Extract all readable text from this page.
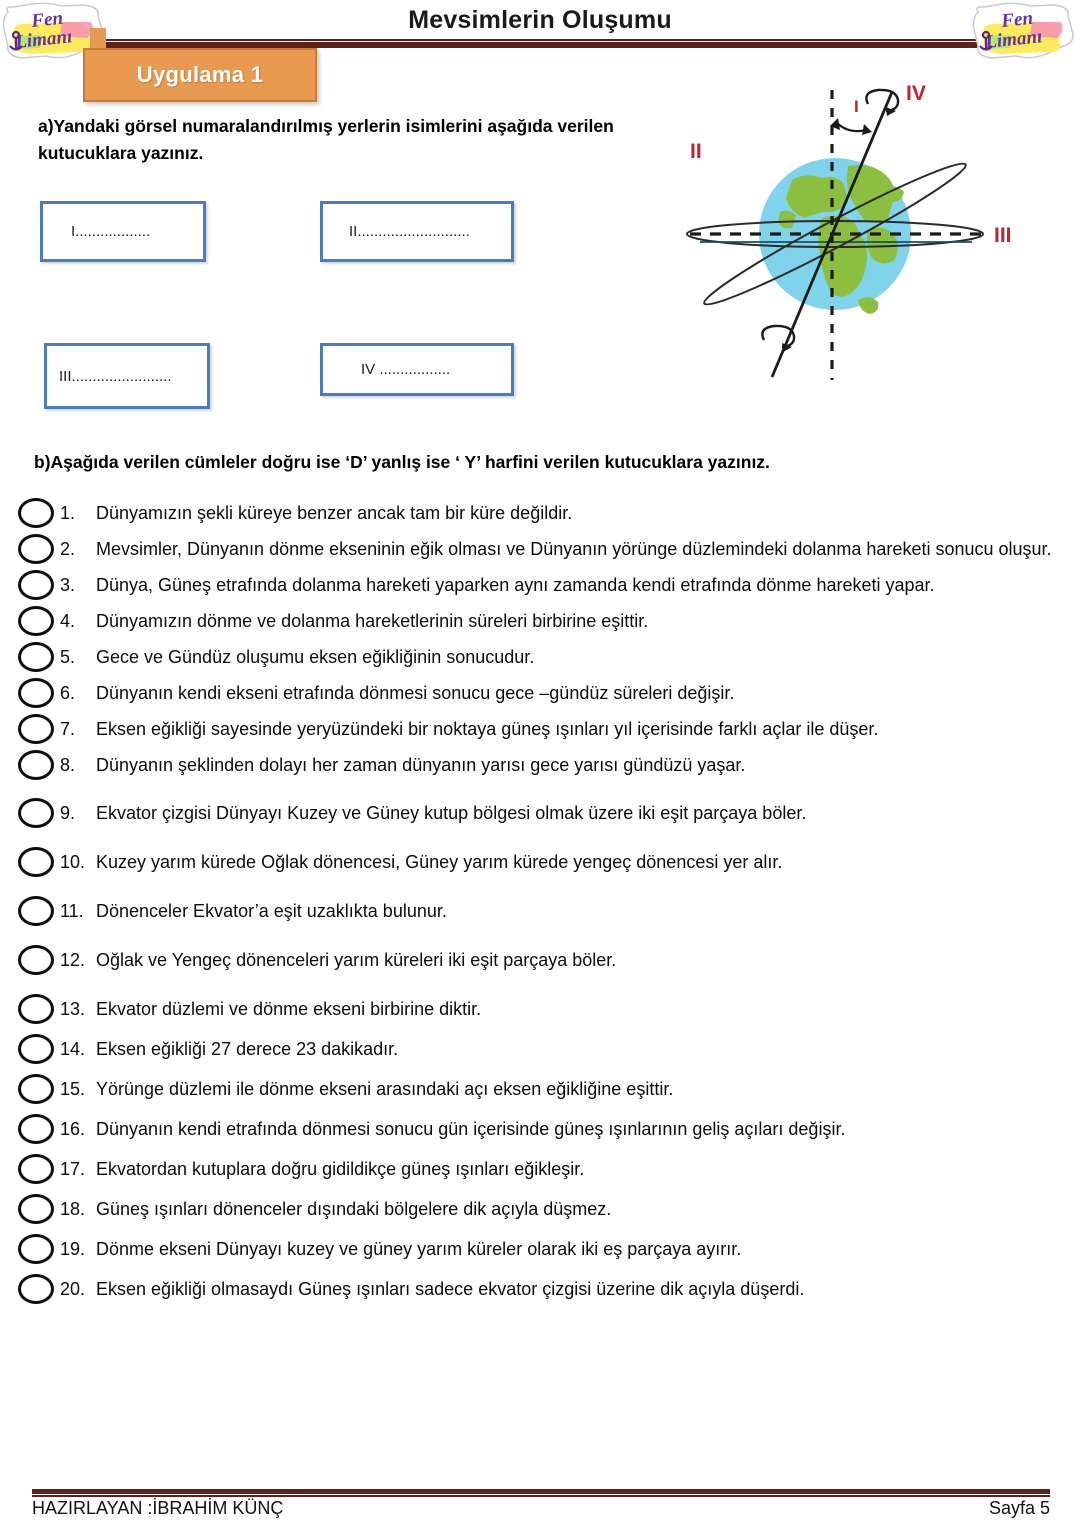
Mevsimlerin Oluşumu
Fen
Limanı
Fen
Limanı
Uygulama 1
a)Yandaki görsel numaralandırılmış yerlerin isimlerini aşağıda verilen kutucuklara yazınız.
I..................	II...........................
III........................	IV .................
I
IV
II
III
b)Aşağıda verilen cümleler doğru ise ‘D’ yanlış ise ‘ Y’ harfini verilen kutucuklara yazınız.
1.	Dünyamızın şekli küreye benzer ancak tam bir küre değildir.
2.	Mevsimler, Dünyanın dönme ekseninin eğik olması ve Dünyanın yörünge düzlemindeki dolanma hareketi sonucu oluşur.
3.	Dünya, Güneş etrafında dolanma hareketi yaparken aynı zamanda kendi etrafında dönme hareketi yapar.
4.	Dünyamızın dönme ve dolanma hareketlerinin süreleri birbirine eşittir.
5.	Gece ve Gündüz oluşumu eksen eğikliğinin sonucudur.
6.	Dünyanın kendi ekseni etrafında dönmesi sonucu gece –gündüz süreleri değişir.
7.	Eksen eğikliği sayesinde yeryüzündeki bir noktaya güneş ışınları yıl içerisinde farklı açlar ile düşer.
8.	Dünyanın şeklinden dolayı her zaman dünyanın yarısı gece yarısı gündüzü yaşar.
9.	Ekvator çizgisi Dünyayı Kuzey ve Güney kutup bölgesi olmak üzere iki eşit parçaya böler.
10. Kuzey yarım kürede Oğlak dönencesi, Güney yarım kürede yengeç dönencesi yer alır.
11. Dönenceler Ekvator’a eşit uzaklıkta bulunur.
12. Oğlak ve Yengeç dönenceleri yarım küreleri iki eşit parçaya böler.
13. Ekvator düzlemi ve dönme ekseni birbirine diktir.
14. Eksen eğikliği 27 derece 23 dakikadır.
15. Yörünge düzlemi ile dönme ekseni arasındaki açı eksen eğikliğine eşittir.
16. Dünyanın kendi etrafında dönmesi sonucu gün içerisinde güneş ışınlarının geliş açıları değişir.
17. Ekvatordan kutuplara doğru gidildikçe güneş ışınları eğikleşir.
18. Güneş ışınları dönenceler dışındaki bölgelere dik açıyla düşmez.
19. Dönme ekseni Dünyayı kuzey ve güney yarım küreler olarak iki eş parçaya ayırır.
20. Eksen eğikliği olmasaydı Güneş ışınları sadece ekvator çizgisi üzerine dik açıyla düşerdi.
HAZIRLAYAN :İBRAHİM KÜNÇ	Sayfa 5
